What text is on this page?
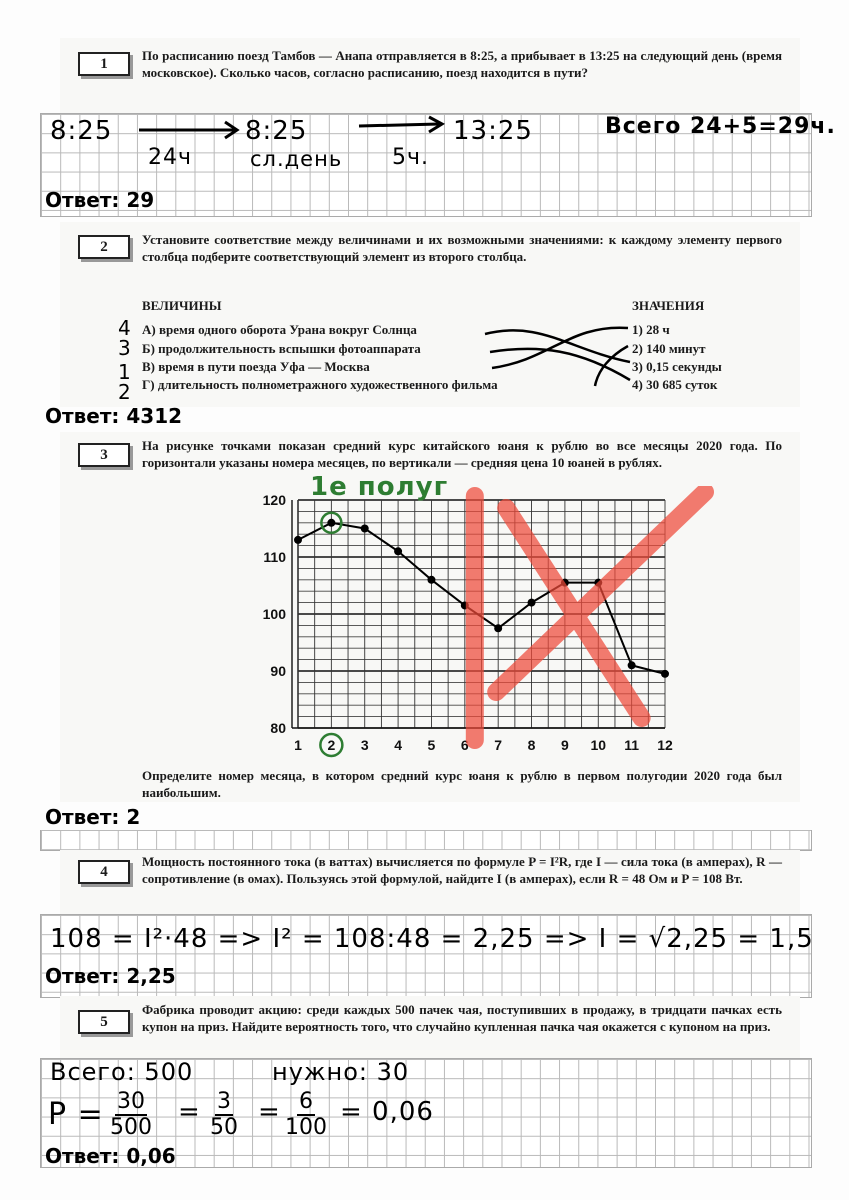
1
По расписанию поезд Тамбов — Анапа отправляется в 8:25, а прибывает в 13:25 на следующий день (время московское). Сколько часов, согласно расписанию, поезд находится в пути?
8:25	8:25	13:25	Всего 24+5=29ч.
24ч	сл.день 5ч.
Ответ: 29
2	Установите соответствие между величинами и их возможными значениями: к каждому элементу первого столбца подберите соответствующий элемент из второго столбца.
ВЕЛИЧИНЫ	ЗНАЧЕНИЯ
4
3
1
2
А) время одного оборота Урана вокруг Солнца
Б) продолжительность вспышки фотоаппарата
В) время в пути поезда Уфа — Москва
Г) длительность полнометражного художественного фильма
1) 28 ч
2) 140 минут
3) 0,15 секунды
4) 30 685 суток
Ответ: 4312
3
На рисунке точками показан средний курс китайского юаня к рублю во все месяцы 2020 года. По горизонтали указаны номера месяцев, по вертикали — средняя цена 10 юаней в рублях.
80
90
100
110
120
1 2 3 4 5 6 7 8 9 10 11 12
1е полуг
Определите номер месяца, в котором средний курс юаня к рублю в первом полугодии 2020 года был наибольшим.
Ответ: 2
4
Мощность постоянного тока (в ваттах) вычисляется по формуле P = I²R, где I — сила тока (в амперах), R — сопротивление (в омах). Пользуясь этой формулой, найдите I (в амперах), если R = 48 Ом и P = 108 Вт.
108 = I²·48 => I² = 108:48 = 2,25 => I = √2,25 = 1,5
Ответ: 2,25
5
Фабрика проводит акцию: среди каждых 500 пачек чая, поступивших в продажу, в тридцати пачках есть купон на приз. Найдите вероятность того, что случайно купленная пачка чая окажется с купоном на приз.
Всего: 500	нужно: 30
$P = \frac{30}{500} = \frac{3}{50} = \frac{6}{100} = 0,06$
Ответ: 0,06
